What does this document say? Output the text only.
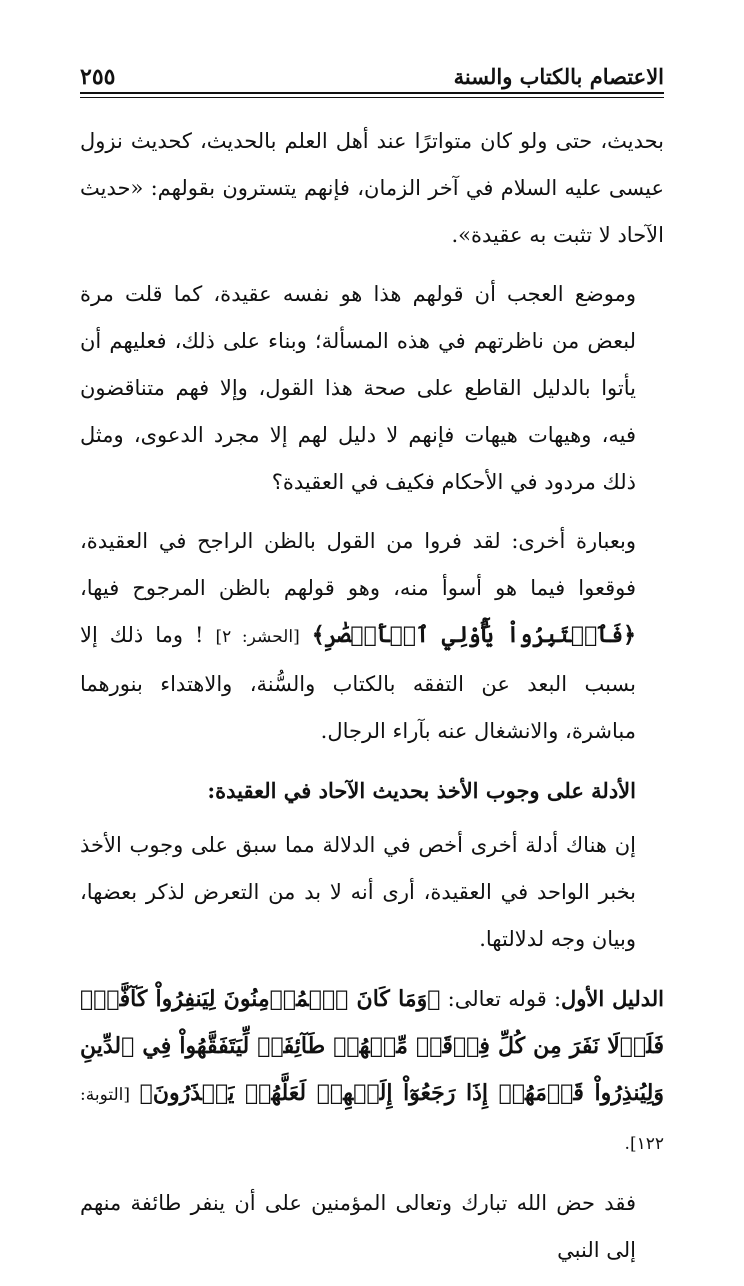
الاعتصام بالكتاب والسنة
٢٥٥

بحديث، حتى ولو كان متواترًا عند أهل العلم بالحديث، كحديث نزول عيسى عليه السلام في آخر الزمان، فإنهم يتسترون بقولهم: «حديث الآحاد لا تثبت به عقيدة».

وموضع العجب أن قولهم هذا هو نفسه عقيدة، كما قلت مرة لبعض من ناظرتهم في هذه المسألة؛ وبناء على ذلك، فعليهم أن يأتوا بالدليل القاطع على صحة هذا القول، وإلا فهم متناقضون فيه، وهيهات هيهات فإنهم لا دليل لهم إلا مجرد الدعوى، ومثل ذلك مردود في الأحكام فكيف في العقيدة؟

وبعبارة أخرى: لقد فروا من القول بالظن الراجح في العقيدة، فوقعوا فيما هو أسوأ منه، وهو قولهم بالظن المرجوح فيها، ﴿فَٱعۡتَبِرُواْ يَٰٓأُوْلِي ٱلۡأَبۡصَٰرِ﴾ [الحشر: ٢] ! وما ذلك إلا بسبب البعد عن التفقه بالكتاب والسُّنة، والاهتداء بنورهما مباشرة، والانشغال عنه بآراء الرجال.

الأدلة على وجوب الأخذ بحديث الآحاد في العقيدة:

إن هناك أدلة أخرى أخص في الدلالة مما سبق على وجوب الأخذ بخبر الواحد في العقيدة، أرى أنه لا بد من التعرض لذكر بعضها، وبيان وجه لدلالتها.

الدليل الأول: قوله تعالى: ﴿وَمَا كَانَ ٱلۡمُؤۡمِنُونَ لِيَنفِرُواْ كَآفَّةٗۚ فَلَوۡلَا نَفَرَ مِن كُلِّ فِرۡقَةٖ مِّنۡهُمۡ طَآئِفَةٞ لِّيَتَفَقَّهُواْ فِي ٱلدِّينِ وَلِيُنذِرُواْ قَوۡمَهُمۡ إِذَا رَجَعُوٓاْ إِلَيۡهِمۡ لَعَلَّهُمۡ يَحۡذَرُونَ﴾ [التوبة: ١٢٢].

فقد حض الله تبارك وتعالى المؤمنين على أن ينفر طائفة منهم إلى النبي
